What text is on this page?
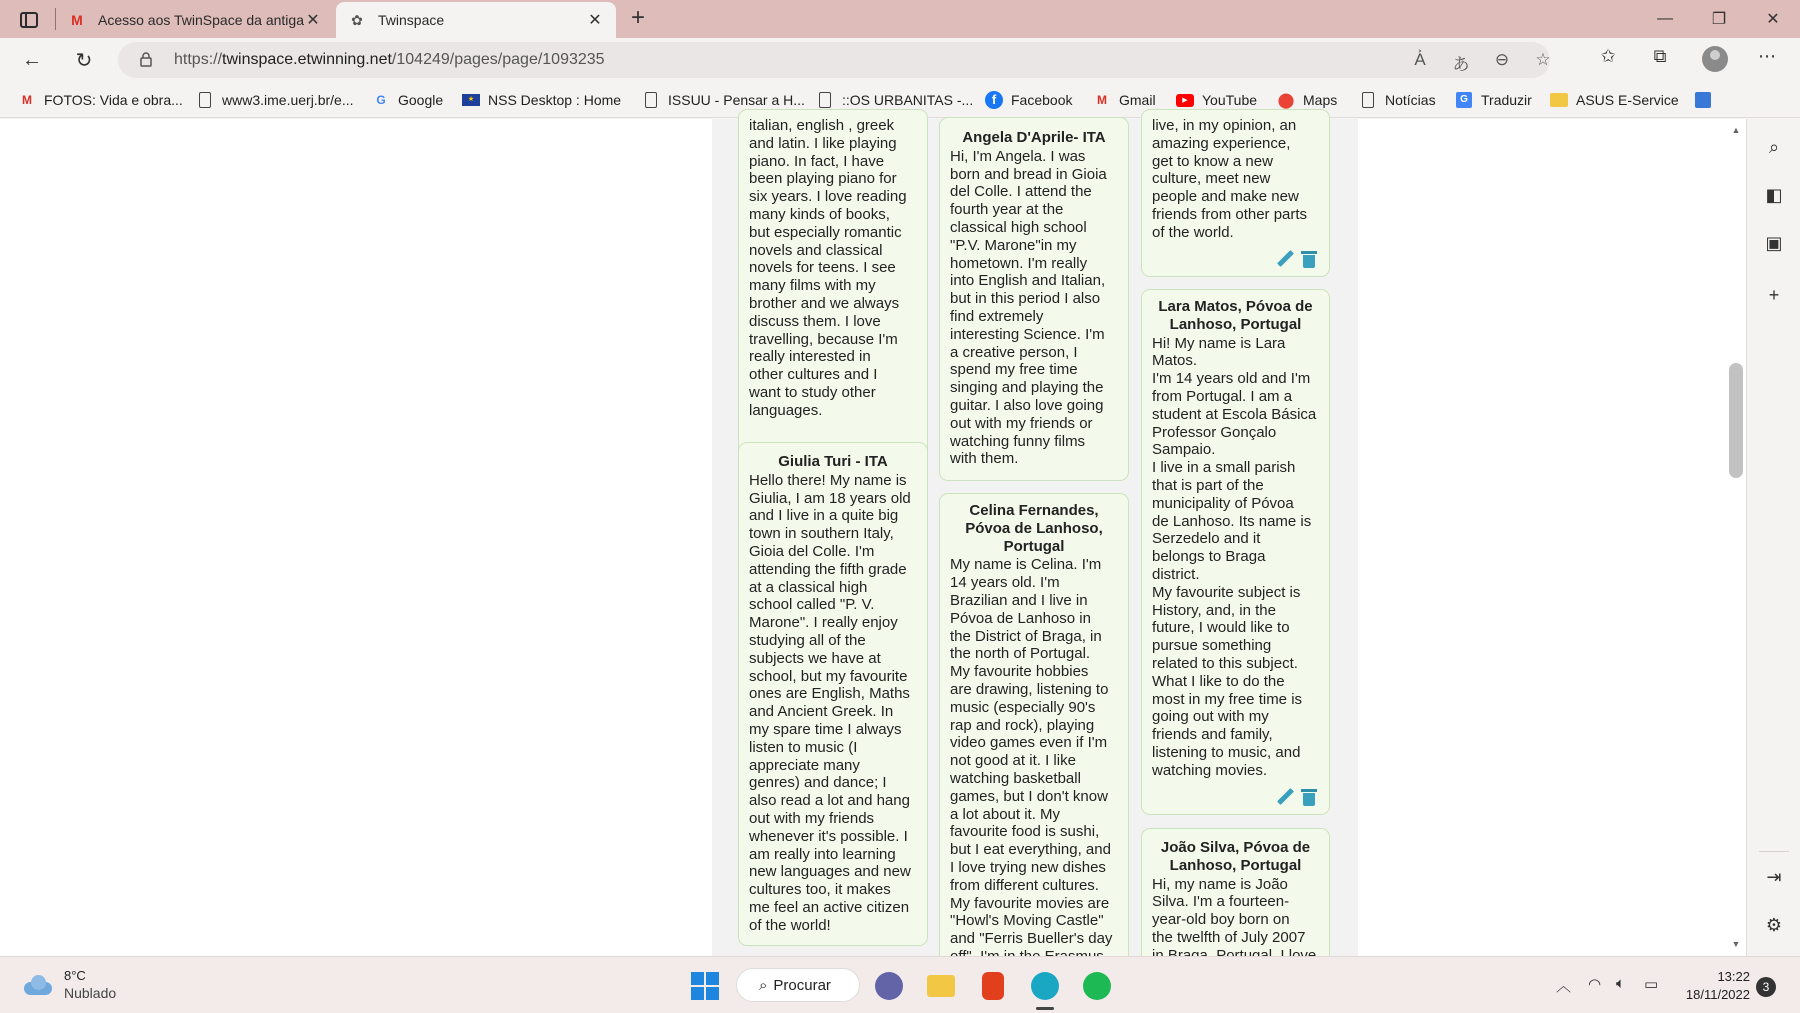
M Acesso aos TwinSpace da antiga ✕ ✿ Twinspace	✕ +	—	❐	✕
←	↻	https://twinspace.etwinning.net/104249/pages/page/1093235	A͐	あ ⊖ ☆	✩	⧉	⋯
M FOTOS: Vida e obra...	www3.ime.uerj.br/e...	G Google	★ NSS Desktop : Home	ISSUU - Pensar a H...	::OS URBANITAS -...	f	Facebook	M Gmail	▶	YouTube ⬤ Maps	Notícias	G Traduzir	ASUS E-Service
italian, english , greek
and latin. I like playing
piano. In fact, I have
been playing piano for
six years. I love reading
many kinds of books,
but especially romantic
novels and classical
novels for teens. I see
many films with my
brother and we always
discuss them. I love
travelling, because I'm
really interested in
other cultures and I
want to study other
languages.
Giulia Turi - ITA
Hello there! My name is
Giulia, I am 18 years old
and I live in a quite big
town in southern Italy,
Gioia del Colle. I'm
attending the fifth grade
at a classical high
school called "P. V.
Marone". I really enjoy
studying all of the
subjects we have at
school, but my favourite
ones are English, Maths
and Ancient Greek. In
my spare time I always
listen to music (I
appreciate many
genres) and dance; I
also read a lot and hang
out with my friends
whenever it's possible. I
am really into learning
new languages and new
cultures too, it makes
me feel an active citizen
of the world!
Angela D'Aprile- ITA
Hi, I'm Angela. I was
born and bread in Gioia
del Colle. I attend the
fourth year at the
classical high school
"P.V. Marone"in my
hometown. I'm really
into English and Italian,
but in this period I also
find extremely
interesting Science. I'm
a creative person, I
spend my free time
singing and playing the
guitar. I also love going
out with my friends or
watching funny films
with them.
Celina Fernandes,
Póvoa de Lanhoso,
Portugal
My name is Celina. I'm
14 years old. I'm
Brazilian and I live in
Póvoa de Lanhoso in
the District of Braga, in
the north of Portugal.
My favourite hobbies
are drawing, listening to
music (especially 90's
rap and rock), playing
video games even if I'm
not good at it. I like
watching basketball
games, but I don't know
a lot about it. My
favourite food is sushi,
but I eat everything, and
I love trying new dishes
from different cultures.
My favourite movies are
"Howl's Moving Castle"
and "Ferris Bueller's day

live, in my opinion, an
amazing experience,
get to know a new
culture, meet new
people and make new
friends from other parts
of the world.
Lara Matos, Póvoa de
Lanhoso, Portugal
Hi! My name is Lara
Matos.
I'm 14 years old and I'm
from Portugal. I am a
student at Escola Básica
Professor Gonçalo
Sampaio.
I live in a small parish
that is part of the
municipality of Póvoa
de Lanhoso. Its name is
Serzedelo and it
belongs to Braga
district.
My favourite subject is
History, and, in the
future, I would like to
pursue something
related to this subject.
What I like to do the
most in my free time is
going out with my
friends and family,
listening to music, and
watching movies.
João Silva, Póvoa de
Lanhoso, Portugal
Hi, my name is João
Silva. I'm a fourteen-
year-old boy born on
the twelfth of July 2007

▲
▼
⌕
◧
▣
+
⇥
⚙
8°C
Nublado	⌕ Procurar	︿ ◠ 🔈︎ ▭	13:22
18/11/2022	3
